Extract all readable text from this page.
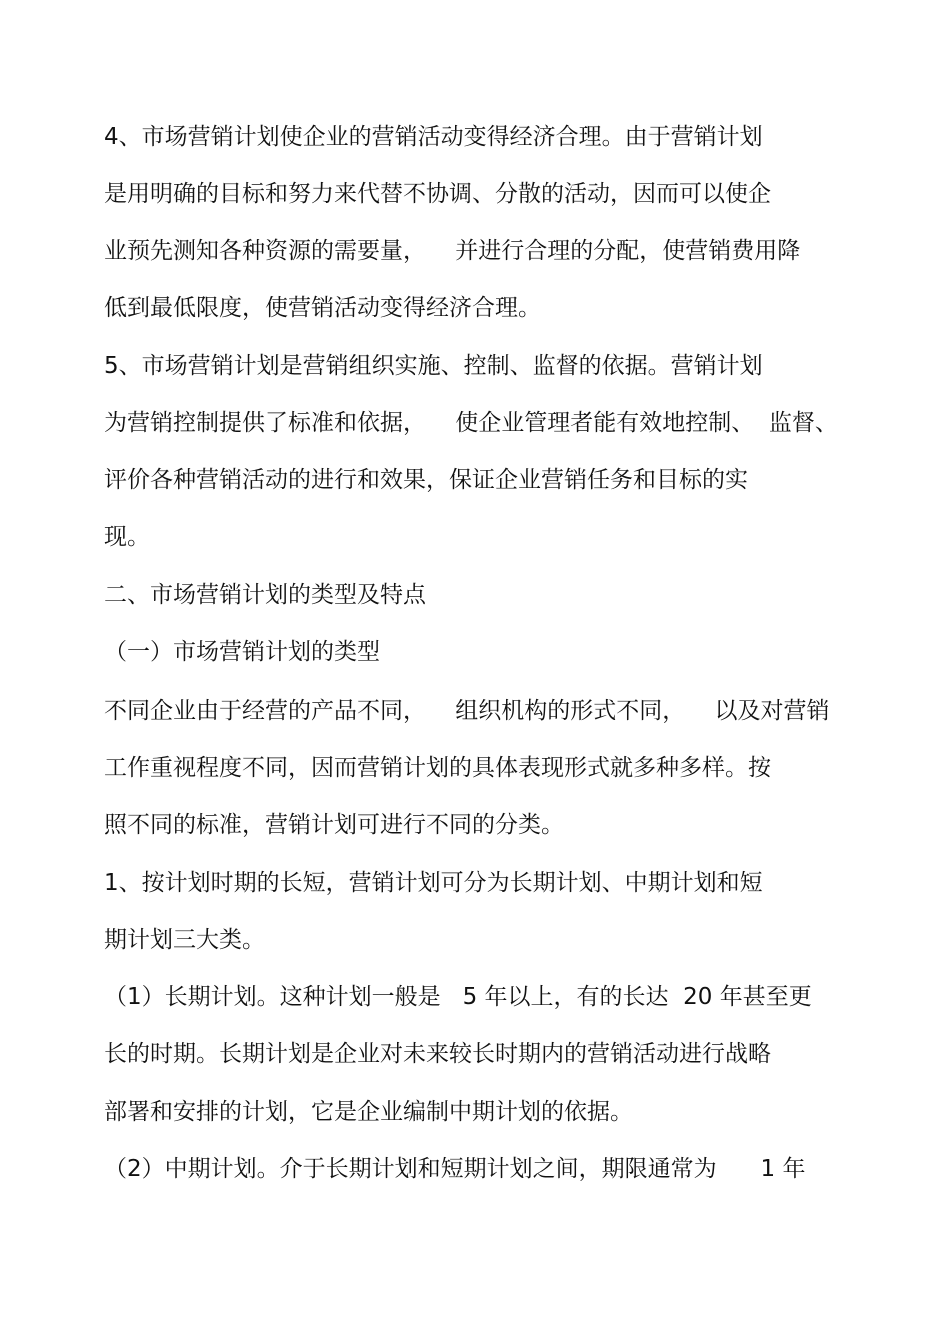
4、市场营销计划使企业的营销活动变得经济合理。由于营销计划
是用明确的目标和努力来代替不协调、分散的活动，因而可以使企
业预先测知各种资源的需要量，    并进行合理的分配，使营销费用降
低到最低限度，使营销活动变得经济合理。
5、市场营销计划是营销组织实施、控制、监督的依据。营销计划
为营销控制提供了标准和依据，    使企业管理者能有效地控制、  监督、
评价各种营销活动的进行和效果，保证企业营销任务和目标的实
现。
二、市场营销计划的类型及特点
（一）市场营销计划的类型
不同企业由于经营的产品不同，    组织机构的形式不同，    以及对营销
工作重视程度不同，因而营销计划的具体表现形式就多种多样。按
照不同的标准，营销计划可进行不同的分类。
1、按计划时期的长短，营销计划可分为长期计划、中期计划和短
期计划三大类。
（1）长期计划。这种计划一般是   5 年以上，有的长达  20 年甚至更
长的时期。长期计划是企业对未来较长时期内的营销活动进行战略
部署和安排的计划，它是企业编制中期计划的依据。
（2）中期计划。介于长期计划和短期计划之间，期限通常为      1 年
